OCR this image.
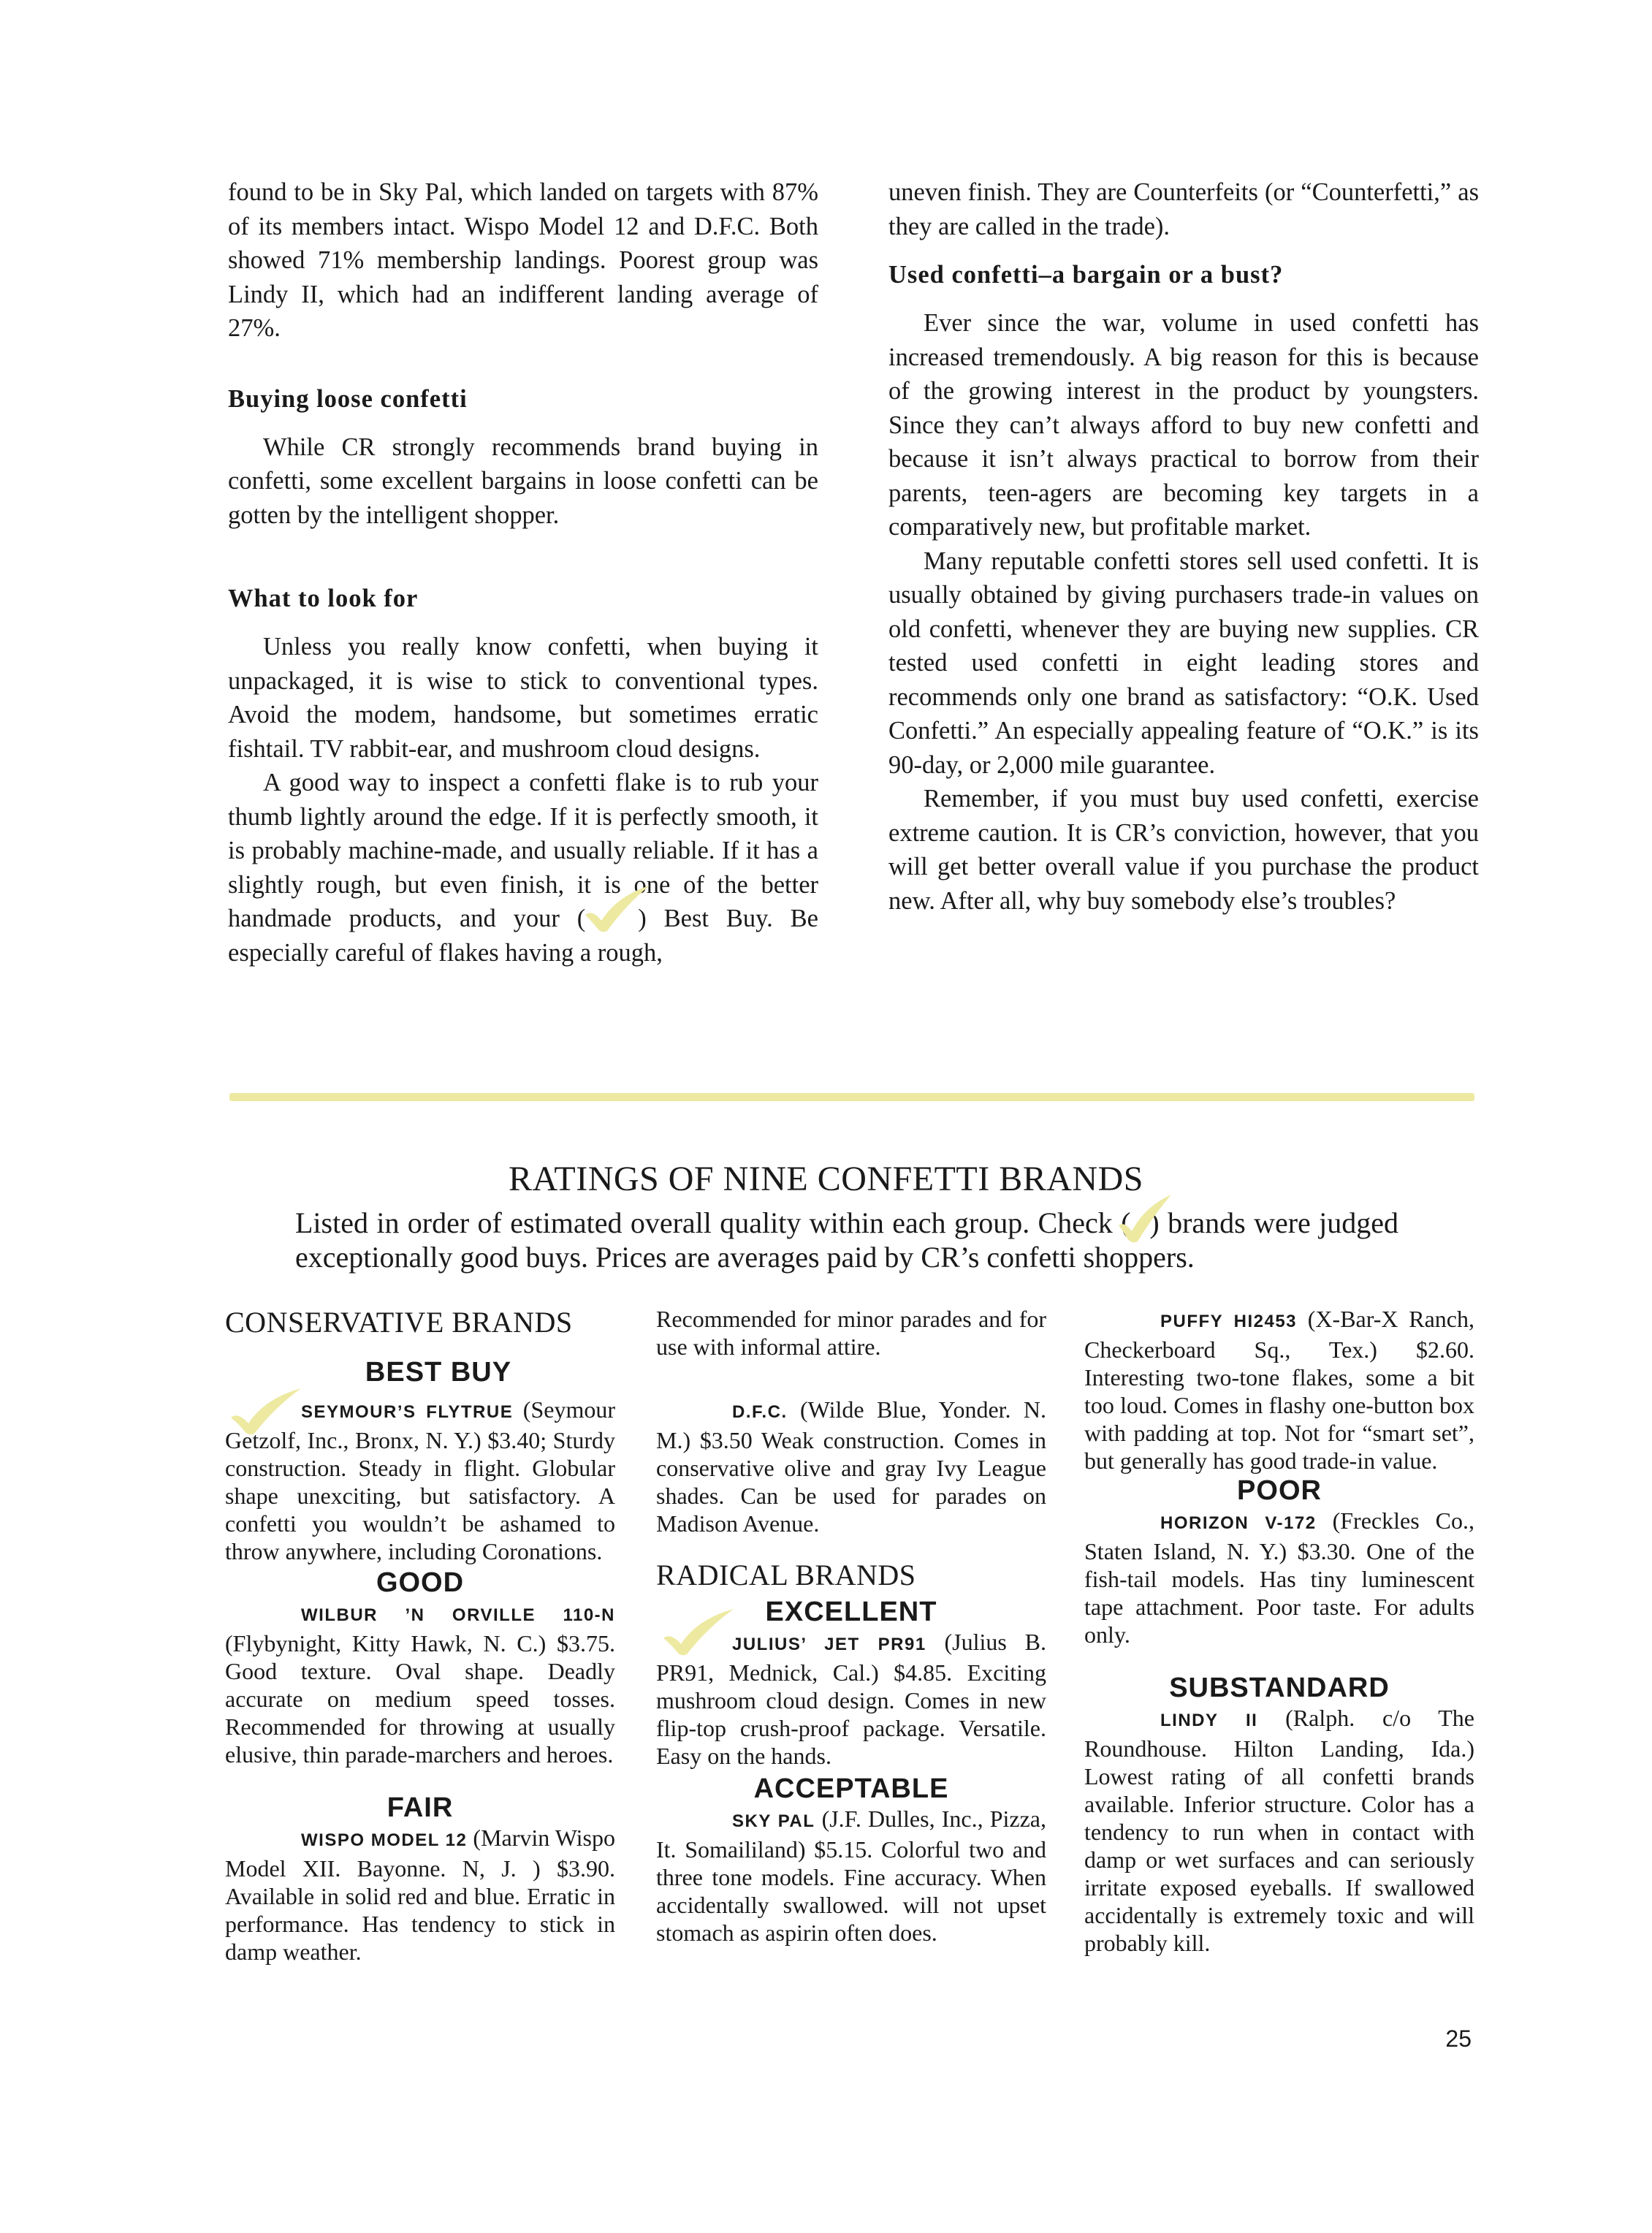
found to be in Sky Pal, which landed on targets with 87% of its members intact. Wispo Model 12 and D.F.C. Both showed 71% membership landings. Poorest group was Lindy II, which had an indifferent landing average of 27%.

Buying loose confetti

While CR strongly recommends brand buying in confetti, some excellent bargains in loose confetti can be gotten by the intelligent shopper.

What to look for

Unless you really know confetti, when buying it unpackaged, it is wise to stick to conventional types. Avoid the modem, handsome, but sometimes erratic fishtail. TV rabbit-ear, and mushroom cloud designs.

A good way to inspect a confetti flake is to rub your thumb lightly around the edge. If it is perfectly smooth, it is probably machine-made, and usually reliable. If it has a slightly rough, but even finish, it is one of the better handmade products, and your ( ) Best Buy. Be especially careful of flakes having a rough,

uneven finish. They are Counterfeits (or “Counterfetti,” as they are called in the trade).

Used confetti–a bargain or a bust?

Ever since the war, volume in used confetti has increased tremendously. A big reason for this is because of the growing interest in the product by youngsters. Since they can’t always afford to buy new confetti and because it isn’t always practical to borrow from their parents, teen-agers are becoming key targets in a comparatively new, but profitable market.

Many reputable confetti stores sell used confetti. It is usually obtained by giving purchasers trade-in values on old confetti, whenever they are buying new supplies. CR tested used confetti in eight leading stores and recommends only one brand as satisfactory: “O.K. Used Confetti.” An especially appealing feature of “O.K.” is its 90-day, or 2,000 mile guarantee.

Remember, if you must buy used confetti, exercise extreme caution. It is CR’s conviction, however, that you will get better overall value if you purchase the product new. After all, why buy somebody else’s troubles?

RATINGS OF NINE CONFETTI BRANDS
Listed in order of estimated overall quality within each group. Check ( ) brands were judged exceptionally good buys. Prices are averages paid by CR’s confetti shoppers.
CONSERVATIVE BRANDS
BEST BUY

SEYMOUR’S FLYTRUE (Seymour Getzolf, Inc., Bronx, N. Y.) $3.40; Sturdy construction. Steady in flight. Globular shape unexciting, but satisfactory. A confetti you wouldn’t be ashamed to throw anywhere, including Coronations.

GOOD

WILBUR ’N ORVILLE 110-N (Flybynight, Kitty Hawk, N. C.) $3.75. Good texture. Oval shape. Deadly accurate on medium speed tosses. Recommended for throwing at usually elusive, thin parade-marchers and heroes.

FAIR

WISPO MODEL 12 (Marvin Wispo Model XII. Bayonne. N, J. ) $3.90. Available in solid red and blue. Erratic in performance. Has tendency to stick in damp weather.

Recommended for minor parades and for use with informal attire.

D.F.C. (Wilde Blue, Yonder. N. M.) $3.50 Weak construction. Comes in conservative olive and gray Ivy League shades. Can be used for parades on Madison Avenue.

RADICAL BRANDS
EXCELLENT

JULIUS’ JET PR91 (Julius B. PR91, Mednick, Cal.) $4.85. Exciting mushroom cloud design. Comes in new flip-top crush-proof package. Versatile. Easy on the hands.

ACCEPTABLE

SKY PAL (J.F. Dulles, Inc., Pizza, It. Somaililand) $5.15. Colorful two and three tone models. Fine accuracy. When accidentally swallowed. will not upset stomach as aspirin often does.

PUFFY HI2453 (X-Bar-X Ranch, Checkerboard Sq., Tex.) $2.60. Interesting two-tone flakes, some a bit too loud. Comes in flashy one-button box with padding at top. Not for “smart set”, but generally has good trade-in value.

POOR

HORIZON V-172 (Freckles Co., Staten Island, N. Y.) $3.30. One of the fish-tail models. Has tiny luminescent tape attachment. Poor taste. For adults only.

SUBSTANDARD

LINDY II (Ralph. c/o The Roundhouse. Hilton Landing, Ida.) Lowest rating of all confetti brands available. Inferior structure. Color has a tendency to run when in contact with damp or wet surfaces and can seriously irritate exposed eyeballs. If swallowed accidentally is extremely toxic and will probably kill.

25
